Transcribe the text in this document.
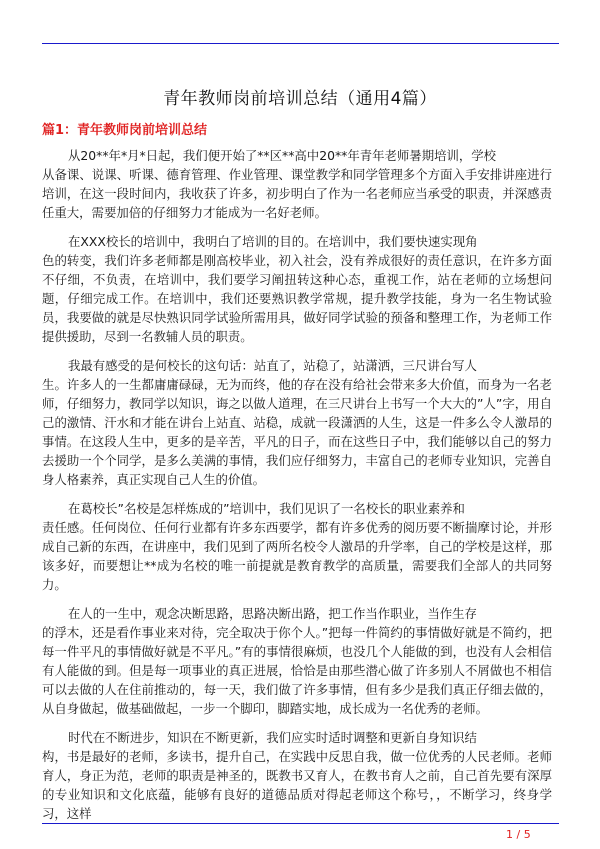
青年教师岗前培训总结（通用4篇）
篇1：青年教师岗前培训总结

从20**年*月*日起，我们便开始了**区**高中20**年青年老师暑期培训，学校
从备课、说课、听课、德育管理、作业管理、课堂教学和同学管理多个方面入手安排讲座进行培训，在这一段时间内，我收获了许多，初步明白了作为一名老师应当承受的职责，并深感责任重大，需要加倍的仔细努力才能成为一名好老师。

在XXX校长的培训中，我明白了培训的目的。在培训中，我们要快速实现角
色的转变，我们许多老师都是刚高校毕业，初入社会，没有养成很好的责任意识，在许多方面不仔细，不负责，在培训中，我们要学习阐扭转这种心态，重视工作，站在老师的立场想问题，仔细完成工作。在培训中，我们还要熟识教学常规，提升教学技能，身为一名生物试验员，我要做的就是尽快熟识同学试验所需用具，做好同学试验的预备和整理工作，为老师工作提供援助，尽到一名教辅人员的职责。

我最有感受的是何校长的这句话：站直了，站稳了，站潇洒，三尺讲台写人
生。许多人的一生都庸庸碌碌，无为而终，他的存在没有给社会带来多大价值，而身为一名老师，仔细努力，教同学以知识，诲之以做人道理，在三尺讲台上书写一个大大的”人”字，用自己的激情、汗水和才能在讲台上站直、站稳，成就一段潇洒的人生，这是一件多么令人激昂的事情。在这段人生中，更多的是辛苦，平凡的日子，而在这些日子中，我们能够以自己的努力去援助一个个同学，是多么美满的事情，我们应仔细努力，丰富自己的老师专业知识，完善自身人格素养，真正实现自己人生的价值。

在葛校长”名校是怎样炼成的”培训中，我们见识了一名校长的职业素养和
责任感。任何岗位、任何行业都有许多东西要学，都有许多优秀的阅历要不断揣摩讨论，并形成自己新的东西，在讲座中，我们见到了两所名校令人激昂的升学率，自己的学校是这样，那该多好，而要想让**成为名校的唯一前提就是教育教学的高质量，需要我们全部人的共同努力。

在人的一生中，观念决断思路，思路决断出路，把工作当作职业，当作生存
的浮木，还是看作事业来对待，完全取决于你个人。”把每一件简约的事情做好就是不简约，把每一件平凡的事情做好就是不平凡。”有的事情很麻烦，也没几个人能做的到，也没有人会相信有人能做的到。但是每一项事业的真正进展，恰恰是由那些潜心做了许多别人不屑做也不相信可以去做的人在住前推动的，每一天，我们做了许多事情，但有多少是我们真正仔细去做的，从自身做起，做基础做起，一步一个脚印，脚踏实地，成长成为一名优秀的老师。

时代在不断进步，知识在不断更新，我们应实时适时调整和更新自身知识结
构，书是最好的老师，多读书，提升自己，在实践中反思自我，做一位优秀的人民老师。老师育人，身正为范，老师的职责是神圣的，既教书又育人，在教书育人之前，自己首先要有深厚的专业知识和文化底蕴，能够有良好的道德品质对得起老师这个称号，，不断学习，终身学习，这样

1 / 5
